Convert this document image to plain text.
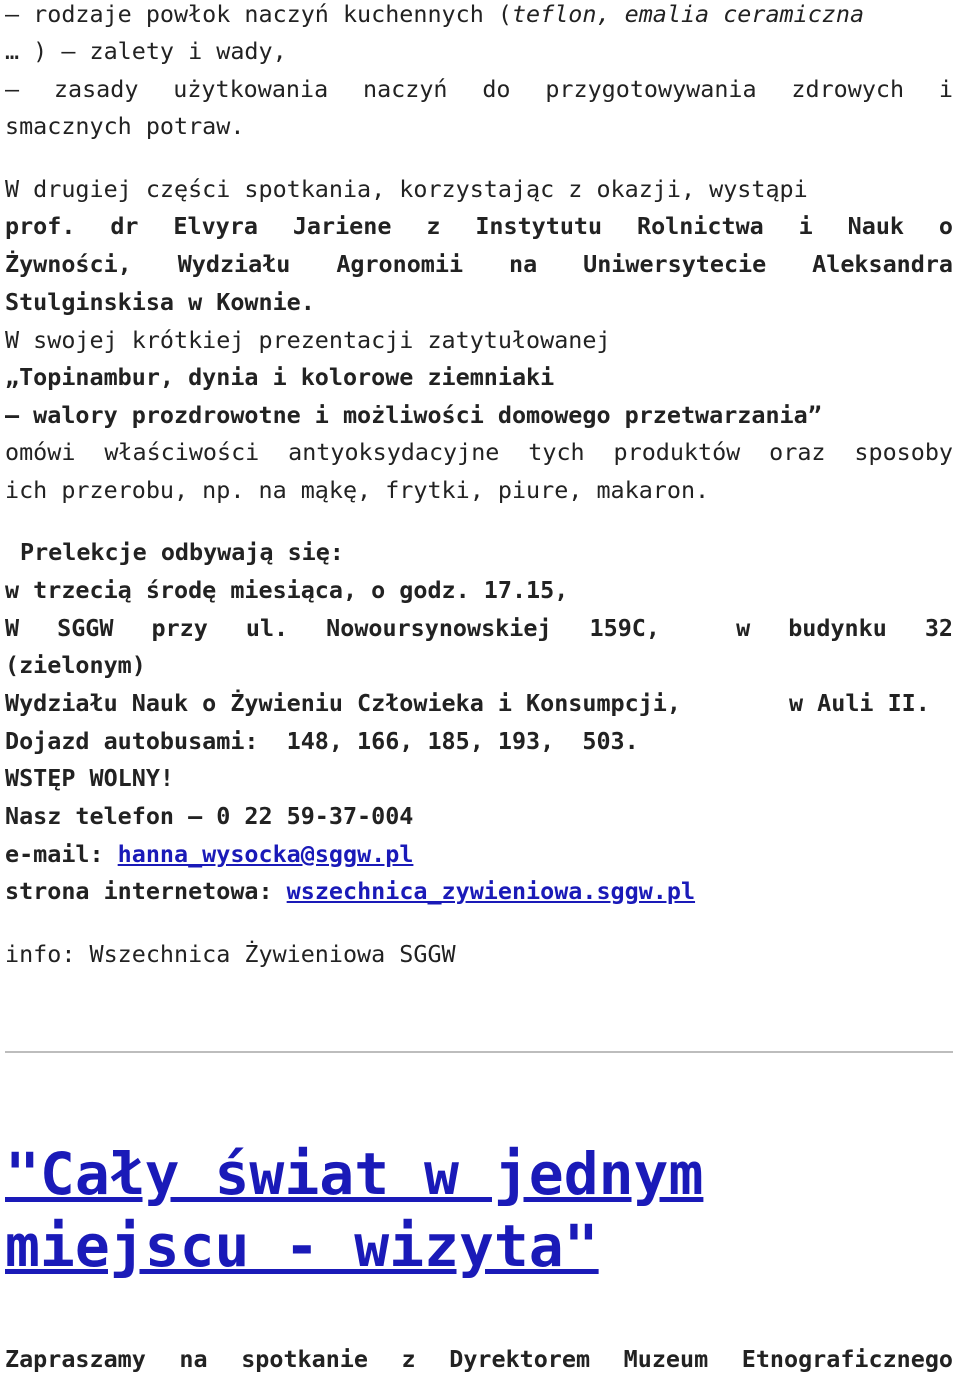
– rodzaje powłok naczyń kuchennych (teflon, emalia ceramiczna
… ) – zalety i wady,
– zasady użytkowania naczyń do przygotowywania zdrowych i
smacznych potraw.
W drugiej części spotkania, korzystając z okazji, wystąpi
prof. dr Elvyra Jariene z Instytutu Rolnictwa i Nauk o
Żywności, Wydziału Agronomii na Uniwersytecie Aleksandra
Stulginskisa w Kownie.
W swojej krótkiej prezentacji zatytułowanej
„Topinambur, dynia i kolorowe ziemniaki
– walory prozdrowotne i możliwości domowego przetwarzania”
omówi właściwości antyoksydacyjne tych produktów oraz sposoby
ich przerobu, np. na mąkę, frytki, piure, makaron.
Prelekcje odbywają się:
w trzecią środę miesiąca, o godz. 17.15,
W SGGW przy ul. Nowoursynowskiej 159C,  w budynku 32
(zielonym)
Wydziału Nauk o Żywieniu Człowieka i Konsumpcji,	w Auli II.
Dojazd autobusami:  148, 166, 185, 193,  503.
WSTĘP WOLNY!
Nasz telefon – 0 22 59-37-004
e-mail: hanna_wysocka@sggw.pl
strona internetowa: wszechnica_zywieniowa.sggw.pl
info: Wszechnica Żywieniowa SGGW
"Cały świat w jednym miejscu - wizyta"
Zapraszamy na spotkanie z Dyrektorem Muzeum Etnograficznego
